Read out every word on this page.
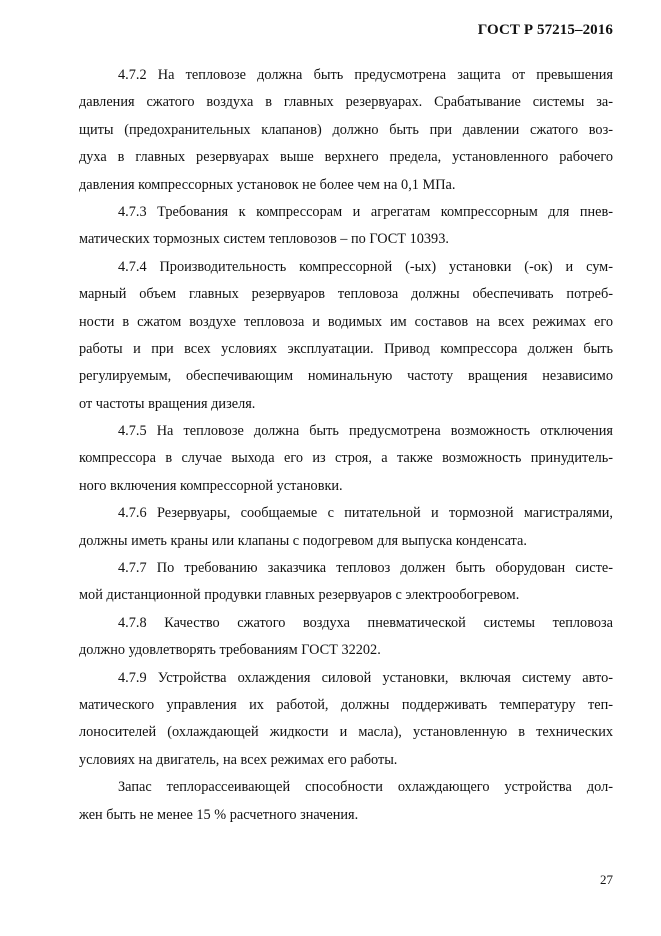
ГОСТ Р 57215–2016
4.7.2 На тепловозе должна быть предусмотрена защита от превышения
давления сжатого воздуха в главных резервуарах. Срабатывание системы за-
щиты (предохранительных клапанов) должно быть при давлении сжатого воз-
духа в главных резервуарах выше верхнего предела, установленного рабочего
давления компрессорных установок не более чем на 0,1 МПа.
4.7.3 Требования к компрессорам и агрегатам компрессорным для пнев-
матических тормозных систем тепловозов – по ГОСТ 10393.
4.7.4 Производительность компрессорной (-ых) установки (-ок) и сум-
марный объем главных резервуаров тепловоза должны обеспечивать потреб-
ности в сжатом воздухе тепловоза и водимых им составов на всех режимах его
работы и при всех условиях эксплуатации. Привод компрессора должен быть
регулируемым, обеспечивающим номинальную частоту вращения независимо
от частоты вращения дизеля.
4.7.5 На тепловозе должна быть предусмотрена возможность отключения
компрессора в случае выхода его из строя, а также возможность принудитель-
ного включения компрессорной установки.
4.7.6 Резервуары, сообщаемые с питательной и тормозной магистралями,
должны иметь краны или клапаны с подогревом для выпуска конденсата.
4.7.7 По требованию заказчика тепловоз должен быть оборудован систе-
мой дистанционной продувки главных резервуаров с электрообогревом.
4.7.8 Качество сжатого воздуха пневматической системы тепловоза
должно удовлетворять требованиям ГОСТ 32202.
4.7.9 Устройства охлаждения силовой установки, включая систему авто-
матического управления их работой, должны поддерживать температуру теп-
лоносителей (охлаждающей жидкости и масла), установленную в технических
условиях на двигатель, на всех режимах его работы.
Запас теплорассеивающей способности охлаждающего устройства дол-
жен быть не менее 15 % расчетного значения.
27
